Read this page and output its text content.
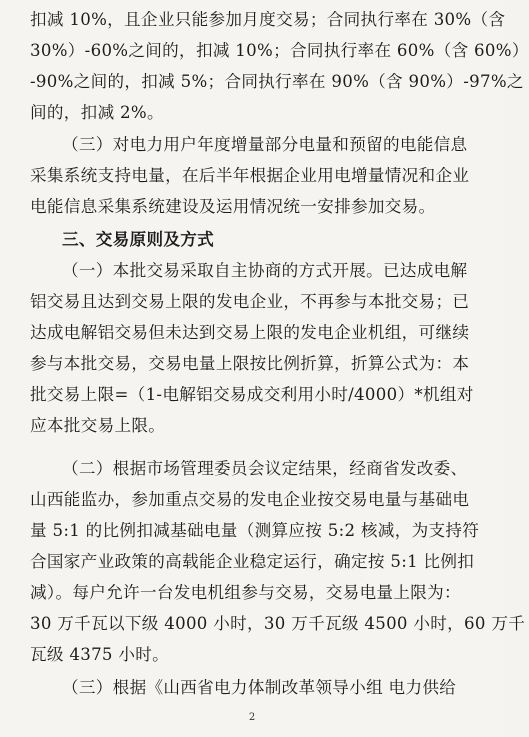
扣减 10%，且企业只能参加月度交易；合同执行率在 30%（含
30%）-60%之间的，扣减 10%；合同执行率在 60%（含 60%）
-90%之间的，扣减 5%；合同执行率在 90%（含 90%）-97%之
间的，扣减 2%。
（三）对电力用户年度增量部分电量和预留的电能信息
采集系统支持电量，在后半年根据企业用电增量情况和企业
电能信息采集系统建设及运用情况统一安排参加交易。
三、交易原则及方式
（一）本批交易采取自主协商的方式开展。已达成电解
铝交易且达到交易上限的发电企业，不再参与本批交易；已
达成电解铝交易但未达到交易上限的发电企业机组，可继续
参与本批交易，交易电量上限按比例折算，折算公式为：本
批交易上限=（1-电解铝交易成交利用小时/4000）*机组对
应本批交易上限。
（二）根据市场管理委员会议定结果，经商省发改委、
山西能监办，参加重点交易的发电企业按交易电量与基础电
量 5:1 的比例扣减基础电量（测算应按 5:2 核减，为支持符
合国家产业政策的高载能企业稳定运行，确定按 5:1 比例扣
减）。每户允许一台发电机组参与交易，交易电量上限为：
30 万千瓦以下级 4000 小时，30 万千瓦级 4500 小时，60 万千
瓦级 4375 小时。
（三）根据《山西省电力体制改革领导小组 电力供给
2
